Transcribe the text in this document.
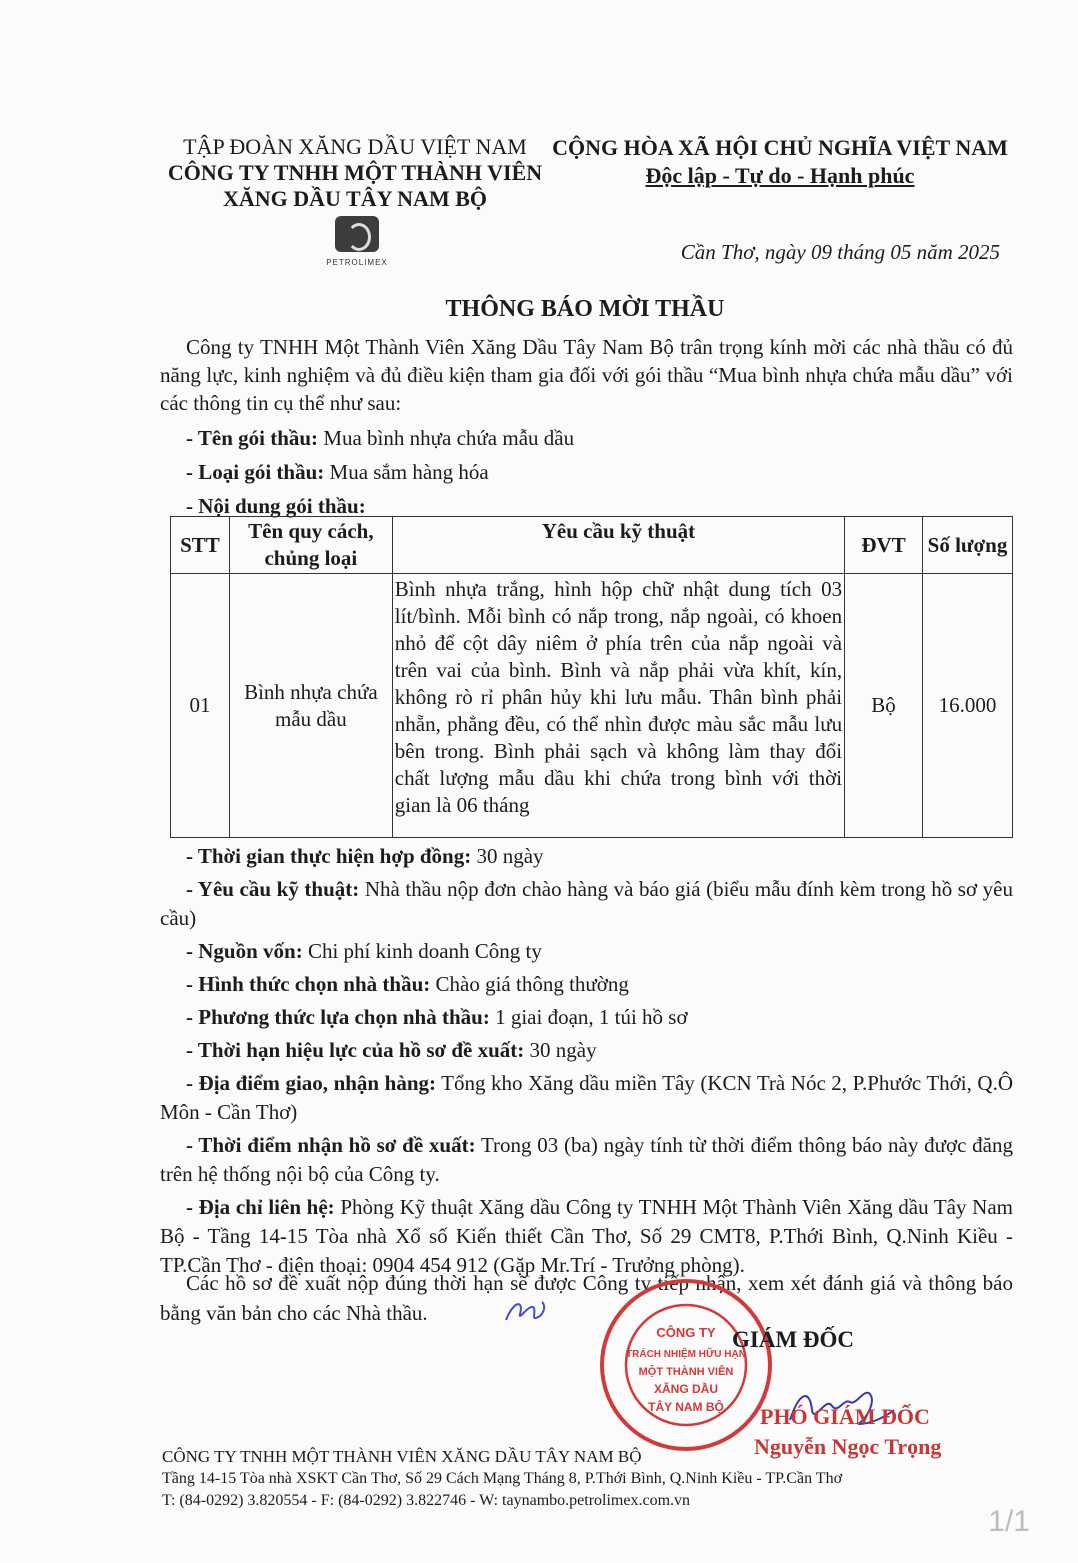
TẬP ĐOÀN XĂNG DẦU VIỆT NAM
CÔNG TY TNHH MỘT THÀNH VIÊN
XĂNG DẦU TÂY NAM BỘ
PETROLIMEX
CỘNG HÒA XÃ HỘI CHỦ NGHĨA VIỆT NAM
Độc lập - Tự do - Hạnh phúc
Cần Thơ, ngày 09 tháng 05 năm 2025
THÔNG BÁO MỜI THẦU

Công ty TNHH Một Thành Viên Xăng Dầu Tây Nam Bộ trân trọng kính mời các nhà thầu có đủ năng lực, kinh nghiệm và đủ điều kiện tham gia đối với gói thầu “Mua bình nhựa chứa mẫu dầu” với các thông tin cụ thể như sau:

- Tên gói thầu: Mua bình nhựa chứa mẫu dầu

- Loại gói thầu: Mua sắm hàng hóa

- Nội dung gói thầu:

STT	Tên quy cách, chủng loại	Yêu cầu kỹ thuật	ĐVT	Số lượng
01	Bình nhựa chứa mẫu dầu	Bình nhựa trắng, hình hộp chữ nhật dung tích 03 lít/bình. Mỗi bình có nắp trong, nắp ngoài, có khoen nhỏ để cột dây niêm ở phía trên của nắp ngoài và trên vai của bình. Bình và nắp phải vừa khít, kín, không rò rỉ phân hủy khi lưu mẫu. Thân bình phải nhẵn, phẳng đều, có thể nhìn được màu sắc mẫu lưu bên trong. Bình phải sạch và không làm thay đổi chất lượng mẫu dầu khi chứa trong bình với thời gian là 06 tháng	Bộ	16.000

- Thời gian thực hiện hợp đồng: 30 ngày

- Yêu cầu kỹ thuật: Nhà thầu nộp đơn chào hàng và báo giá (biểu mẫu đính kèm trong hồ sơ yêu cầu)

- Nguồn vốn: Chi phí kinh doanh Công ty

- Hình thức chọn nhà thầu: Chào giá thông thường

- Phương thức lựa chọn nhà thầu: 1 giai đoạn, 1 túi hồ sơ

- Thời hạn hiệu lực của hồ sơ đề xuất: 30 ngày

- Địa điểm giao, nhận hàng: Tổng kho Xăng dầu miền Tây (KCN Trà Nóc 2, P.Phước Thới, Q.Ô Môn - Cần Thơ)

- Thời điểm nhận hồ sơ đề xuất: Trong 03 (ba) ngày tính từ thời điểm thông báo này được đăng trên hệ thống nội bộ của Công ty.

- Địa chỉ liên hệ: Phòng Kỹ thuật Xăng dầu Công ty TNHH Một Thành Viên Xăng dầu Tây Nam Bộ - Tầng 14-15 Tòa nhà Xổ số Kiến thiết Cần Thơ, Số 29 CMT8, P.Thới Bình, Q.Ninh Kiều - TP.Cần Thơ - điện thoại: 0904 454 912 (Gặp Mr.Trí - Trưởng phòng).

Các hồ sơ đề xuất nộp đúng thời hạn sẽ được Công ty tiếp nhận, xem xét đánh giá và thông báo bằng văn bản cho các Nhà thầu.

CÔNG TY
TRÁCH NHIỆM HỮU HẠN
MỘT THÀNH VIÊN
XĂNG DẦU
TÂY NAM BỘ
GIÁM ĐỐC
PHÓ GIÁM ĐỐC
Nguyễn Ngọc Trọng
CÔNG TY TNHH MỘT THÀNH VIÊN XĂNG DẦU TÂY NAM BỘ
Tầng 14-15 Tòa nhà XSKT Cần Thơ, Số 29 Cách Mạng Tháng 8, P.Thới Bình, Q.Ninh Kiều - TP.Cần Thơ
T: (84-0292) 3.820554 - F: (84-0292) 3.822746 - W: taynambo.petrolimex.com.vn
1/1
